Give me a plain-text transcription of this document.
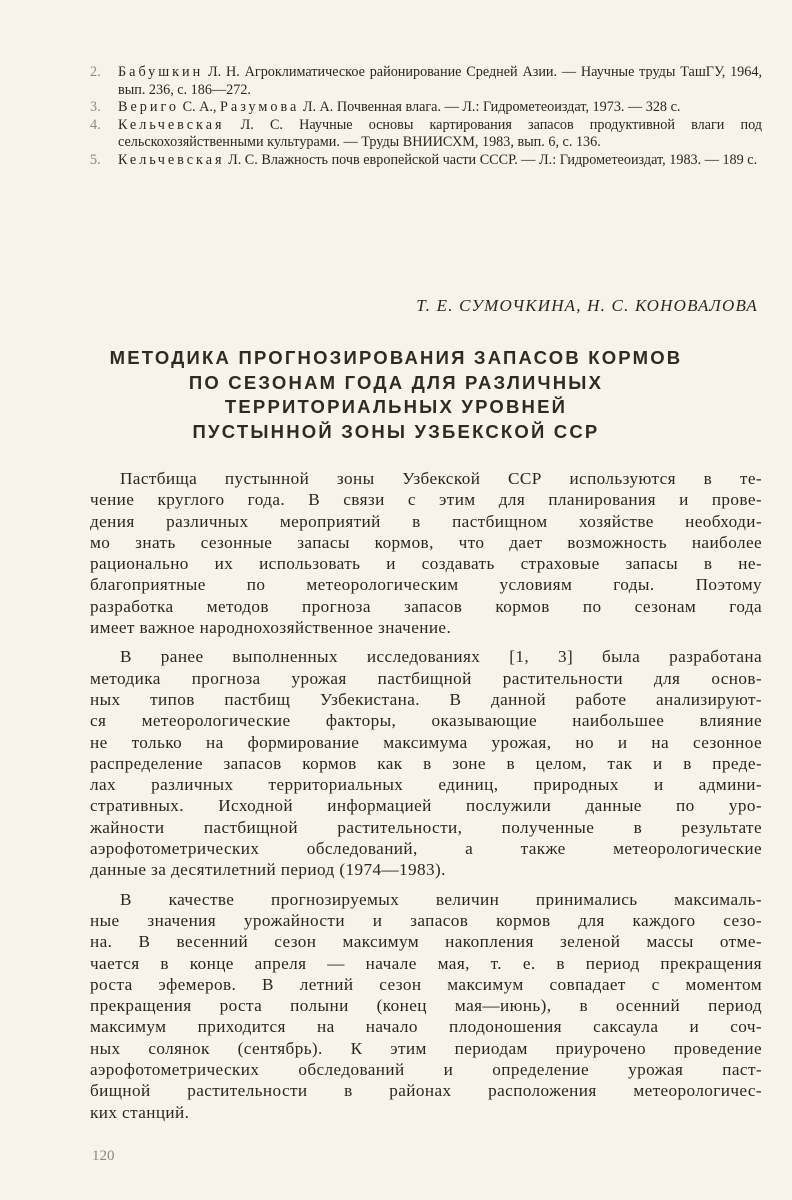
2. Бабушкин Л. Н. Агроклиматическое районирование Средней Азии. — Научные труды ТашГУ, 1964, вып. 236, с. 186—272.
3. Вериго С. А., Разумова Л. А. Почвенная влага. — Л.: Гидрометеоиздат, 1973. — 328 с.
4. Кельчевская Л. С. Научные основы картирования запасов продуктивной влаги под сельскохозяйственными культурами. — Труды ВНИИСХМ, 1983, вып. 6, с. 136.
5. Кельчевская Л. С. Влажность почв европейской части СССР. — Л.: Гидрометеоиздат, 1983. — 189 с.
Т. Е. СУМОЧКИНА, Н. С. КОНОВАЛОВА
МЕТОДИКА ПРОГНОЗИРОВАНИЯ ЗАПАСОВ КОРМОВ
ПО СЕЗОНАМ ГОДА ДЛЯ РАЗЛИЧНЫХ
ТЕРРИТОРИАЛЬНЫХ УРОВНЕЙ
ПУСТЫННОЙ ЗОНЫ УЗБЕКСКОЙ ССР
Пастбища пустынной зоны Узбекской ССР используются в те-
чение круглого года. В связи с этим для планирования и прове-
дения различных мероприятий в пастбищном хозяйстве необходи-
мо знать сезонные запасы кормов, что дает возможность наиболее
рационально их использовать и создавать страховые запасы в не-
благоприятные по метеорологическим условиям годы. Поэтому
разработка методов прогноза запасов кормов по сезонам года
имеет важное народнохозяйственное значение.
В ранее выполненных исследованиях [1, 3] была разработана
методика прогноза урожая пастбищной растительности для основ-
ных типов пастбищ Узбекистана. В данной работе анализируют-
ся метеорологические факторы, оказывающие наибольшее влияние
не только на формирование максимума урожая, но и на сезонное
распределение запасов кормов как в зоне в целом, так и в преде-
лах различных территориальных единиц, природных и админи-
стративных. Исходной информацией послужили данные по уро-
жайности пастбищной растительности, полученные в результате
аэрофотометрических обследований, а также метеорологические
данные за десятилетний период (1974—1983).
В качестве прогнозируемых величин принимались максималь-
ные значения урожайности и запасов кормов для каждого сезо-
на. В весенний сезон максимум накопления зеленой массы отме-
чается в конце апреля — начале мая, т. е. в период прекращения
роста эфемеров. В летний сезон максимум совпадает с моментом
прекращения роста полыни (конец мая—июнь), в осенний период
максимум приходится на начало плодоношения саксаула и соч-
ных солянок (сентябрь). К этим периодам приурочено проведение
аэрофотометрических обследований и определение урожая паст-
бищной растительности в районах расположения метеорологичес-
ких станций.
120
